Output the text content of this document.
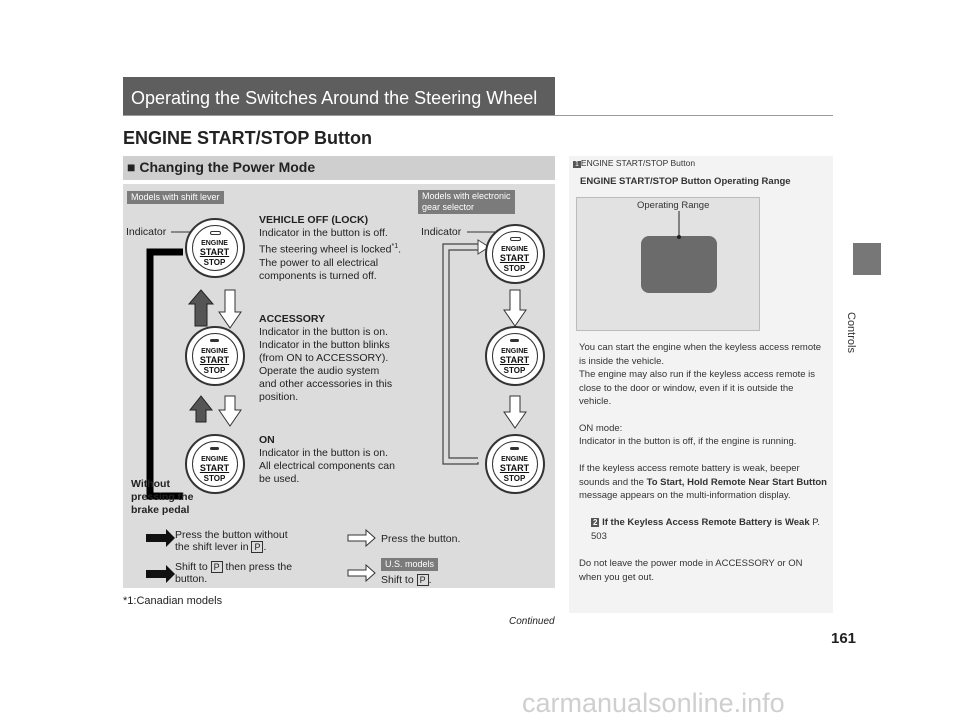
Operating the Switches Around the Steering Wheel
ENGINE START/STOP Button
Controls
■ Changing the Power Mode
Models with shift lever	Models with electronic
gear selector
ENGINE
START
STOP
ENGINE
START
STOP
ENGINE
START
STOP
ENGINE
START
STOP
ENGINE
START
STOP
ENGINE
START
STOP
Indicator	Indicator
VEHICLE OFF (LOCK)
Indicator in the button is off.
The steering wheel is locked$^{*1}$.
The power to all electrical
components is turned off.
ACCESSORY
Indicator in the button is on.
Indicator in the button blinks
(from ON to ACCESSORY).
Operate the audio system
and other accessories in this
position.
ON
Indicator in the button is on.
All electrical components can
be used.
Without
pressing the
brake pedal
Press the button without
the shift lever in P .
Press the button.
Shift to P then press the
button.
U.S. models
Shift to P .
*1:Canadian models
Continued
161
1 ENGINE START/STOP Button
ENGINE START/STOP Button Operating Range
Operating Range
You can start the engine when the keyless access remote is inside the vehicle.
The engine may also run if the keyless access remote is close to the door or window, even if it is outside the vehicle.
ON mode:
Indicator in the button is off, if the engine is running.
If the keyless access remote battery is weak, beeper sounds and the To Start, Hold Remote Near Start Button message appears on the multi-information display.
2 If the Keyless Access Remote Battery is Weak P. 503
Do not leave the power mode in ACCESSORY or ON when you get out.
carmanualsonline.info
